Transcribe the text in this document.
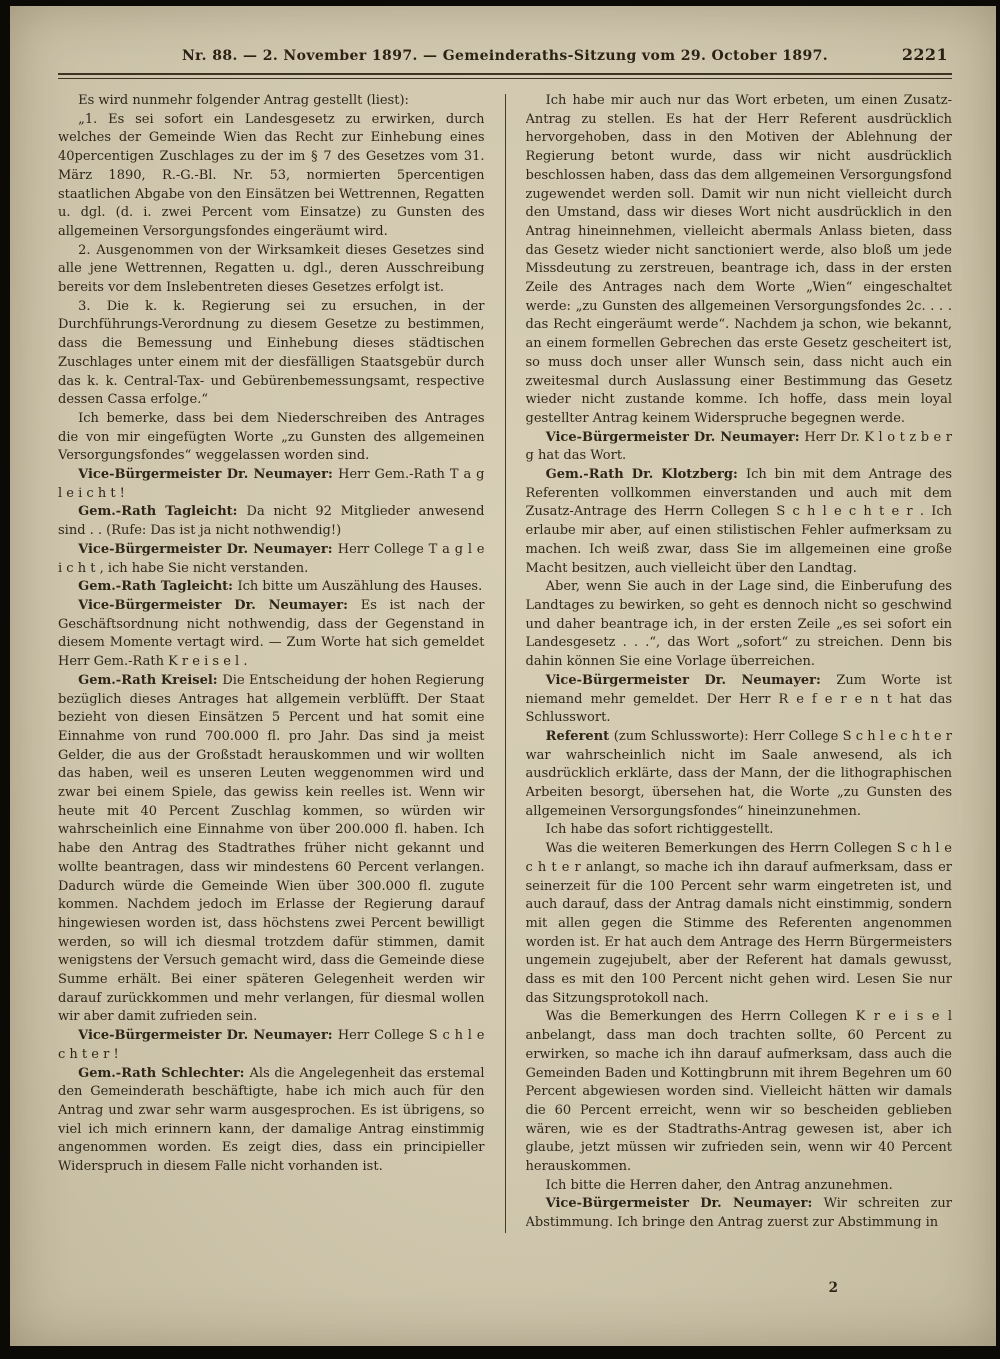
Nr. 88. — 2. November 1897. — Gemeinderaths-Sitzung vom 29. October 1897.	2221

Es wird nunmehr folgender Antrag gestellt (liest):

„1. Es sei sofort ein Landesgesetz zu erwirken, durch welches der Gemeinde Wien das Recht zur Einhebung eines 40percentigen Zuschlages zu der im § 7 des Gesetzes vom 31. März 1890, R.-G.-Bl. Nr. 53, normierten 5percentigen staatlichen Abgabe von den Einsätzen bei Wettrennen, Regatten u. dgl. (d. i. zwei Percent vom Einsatze) zu Gunsten des allgemeinen Versorgungsfondes eingeräumt wird.

2. Ausgenommen von der Wirksamkeit dieses Gesetzes sind alle jene Wettrennen, Regatten u. dgl., deren Ausschreibung bereits vor dem Inslebentreten dieses Gesetzes erfolgt ist.

3. Die k. k. Regierung sei zu ersuchen, in der Durchführungs-Verordnung zu diesem Gesetze zu bestimmen, dass die Bemessung und Einhebung dieses städtischen Zuschlages unter einem mit der diesfälligen Staatsgebür durch das k. k. Central-Tax- und Gebürenbemessungsamt, respective dessen Cassa erfolge.“

Ich bemerke, dass bei dem Niederschreiben des Antrages die von mir eingefügten Worte „zu Gunsten des allgemeinen Versorgungsfondes“ weggelassen worden sind.

Vice-Bürgermeister Dr. Neumayer: Herr Gem.-Rath T a g l e i c h t !

Gem.-Rath Tagleicht: Da nicht 92 Mitglieder anwesend sind . . (Rufe: Das ist ja nicht nothwendig!)

Vice-Bürgermeister Dr. Neumayer: Herr College T a g l e i c h t , ich habe Sie nicht verstanden.

Gem.-Rath Tagleicht: Ich bitte um Auszählung des Hauses.

Vice-Bürgermeister Dr. Neumayer: Es ist nach der Geschäftsordnung nicht nothwendig, dass der Gegenstand in diesem Momente vertagt wird. — Zum Worte hat sich gemeldet Herr Gem.-Rath K r e i s e l .

Gem.-Rath Kreisel: Die Entscheidung der hohen Regierung bezüglich dieses Antrages hat allgemein verblüfft. Der Staat bezieht von diesen Einsätzen 5 Percent und hat somit eine Einnahme von rund 700.000 fl. pro Jahr. Das sind ja meist Gelder, die aus der Großstadt herauskommen und wir wollten das haben, weil es unseren Leuten weggenommen wird und zwar bei einem Spiele, das gewiss kein reelles ist. Wenn wir heute mit 40 Percent Zuschlag kommen, so würden wir wahrscheinlich eine Einnahme von über 200.000 fl. haben. Ich habe den Antrag des Stadtrathes früher nicht gekannt und wollte beantragen, dass wir mindestens 60 Percent verlangen. Dadurch würde die Gemeinde Wien über 300.000 fl. zugute kommen. Nachdem jedoch im Erlasse der Regierung darauf hingewiesen worden ist, dass höchstens zwei Percent bewilligt werden, so will ich diesmal trotzdem dafür stimmen, damit wenigstens der Versuch gemacht wird, dass die Gemeinde diese Summe erhält. Bei einer späteren Gelegenheit werden wir darauf zurückkommen und mehr verlangen, für diesmal wollen wir aber damit zufrieden sein.

Vice-Bürgermeister Dr. Neumayer: Herr College S c h l e c h t e r !

Gem.-Rath Schlechter: Als die Angelegenheit das erstemal den Gemeinderath beschäftigte, habe ich mich auch für den Antrag und zwar sehr warm ausgesprochen. Es ist übrigens, so viel ich mich erinnern kann, der damalige Antrag einstimmig angenommen worden. Es zeigt dies, dass ein principieller Widerspruch in diesem Falle nicht vorhanden ist.

Ich habe mir auch nur das Wort erbeten, um einen Zusatz-Antrag zu stellen. Es hat der Herr Referent ausdrücklich hervorgehoben, dass in den Motiven der Ablehnung der Regierung betont wurde, dass wir nicht ausdrücklich beschlossen haben, dass das dem allgemeinen Versorgungsfond zugewendet werden soll. Damit wir nun nicht vielleicht durch den Umstand, dass wir dieses Wort nicht ausdrücklich in den Antrag hineinnehmen, vielleicht abermals Anlass bieten, dass das Gesetz wieder nicht sanctioniert werde, also bloß um jede Missdeutung zu zerstreuen, beantrage ich, dass in der ersten Zeile des Antrages nach dem Worte „Wien“ eingeschaltet werde: „zu Gunsten des allgemeinen Versorgungsfondes 2c. . . . das Recht eingeräumt werde“. Nachdem ja schon, wie bekannt, an einem formellen Gebrechen das erste Gesetz gescheitert ist, so muss doch unser aller Wunsch sein, dass nicht auch ein zweitesmal durch Auslassung einer Bestimmung das Gesetz wieder nicht zustande komme. Ich hoffe, dass mein loyal gestellter Antrag keinem Widerspruche begegnen werde.

Vice-Bürgermeister Dr. Neumayer: Herr Dr. K l o t z b e r g hat das Wort.

Gem.-Rath Dr. Klotzberg: Ich bin mit dem Antrage des Referenten vollkommen einverstanden und auch mit dem Zusatz-Antrage des Herrn Collegen S c h l e c h t e r . Ich erlaube mir aber, auf einen stilistischen Fehler aufmerksam zu machen. Ich weiß zwar, dass Sie im allgemeinen eine große Macht besitzen, auch vielleicht über den Landtag.

Aber, wenn Sie auch in der Lage sind, die Einberufung des Landtages zu bewirken, so geht es dennoch nicht so geschwind und daher beantrage ich, in der ersten Zeile „es sei sofort ein Landesgesetz . . .“, das Wort „sofort“ zu streichen. Denn bis dahin können Sie eine Vorlage überreichen.

Vice-Bürgermeister Dr. Neumayer: Zum Worte ist niemand mehr gemeldet. Der Herr R e f e r e n t hat das Schlusswort.

Referent (zum Schlussworte): Herr College S c h l e c h t e r war wahrscheinlich nicht im Saale anwesend, als ich ausdrücklich erklärte, dass der Mann, der die lithographischen Arbeiten besorgt, übersehen hat, die Worte „zu Gunsten des allgemeinen Versorgungsfondes“ hineinzunehmen.

Ich habe das sofort richtiggestellt.

Was die weiteren Bemerkungen des Herrn Collegen S c h l e c h t e r anlangt, so mache ich ihn darauf aufmerksam, dass er seinerzeit für die 100 Percent sehr warm eingetreten ist, und auch darauf, dass der Antrag damals nicht einstimmig, sondern mit allen gegen die Stimme des Referenten angenommen worden ist. Er hat auch dem Antrage des Herrn Bürgermeisters ungemein zugejubelt, aber der Referent hat damals gewusst, dass es mit den 100 Percent nicht gehen wird. Lesen Sie nur das Sitzungsprotokoll nach.

Was die Bemerkungen des Herrn Collegen K r e i s e l anbelangt, dass man doch trachten sollte, 60 Percent zu erwirken, so mache ich ihn darauf aufmerksam, dass auch die Gemeinden Baden und Kottingbrunn mit ihrem Begehren um 60 Percent abgewiesen worden sind. Vielleicht hätten wir damals die 60 Percent erreicht, wenn wir so bescheiden geblieben wären, wie es der Stadtraths-Antrag gewesen ist, aber ich glaube, jetzt müssen wir zufrieden sein, wenn wir 40 Percent herauskommen.

Ich bitte die Herren daher, den Antrag anzunehmen.

Vice-Bürgermeister Dr. Neumayer: Wir schreiten zur Abstimmung. Ich bringe den Antrag zuerst zur Abstimmung in

2
